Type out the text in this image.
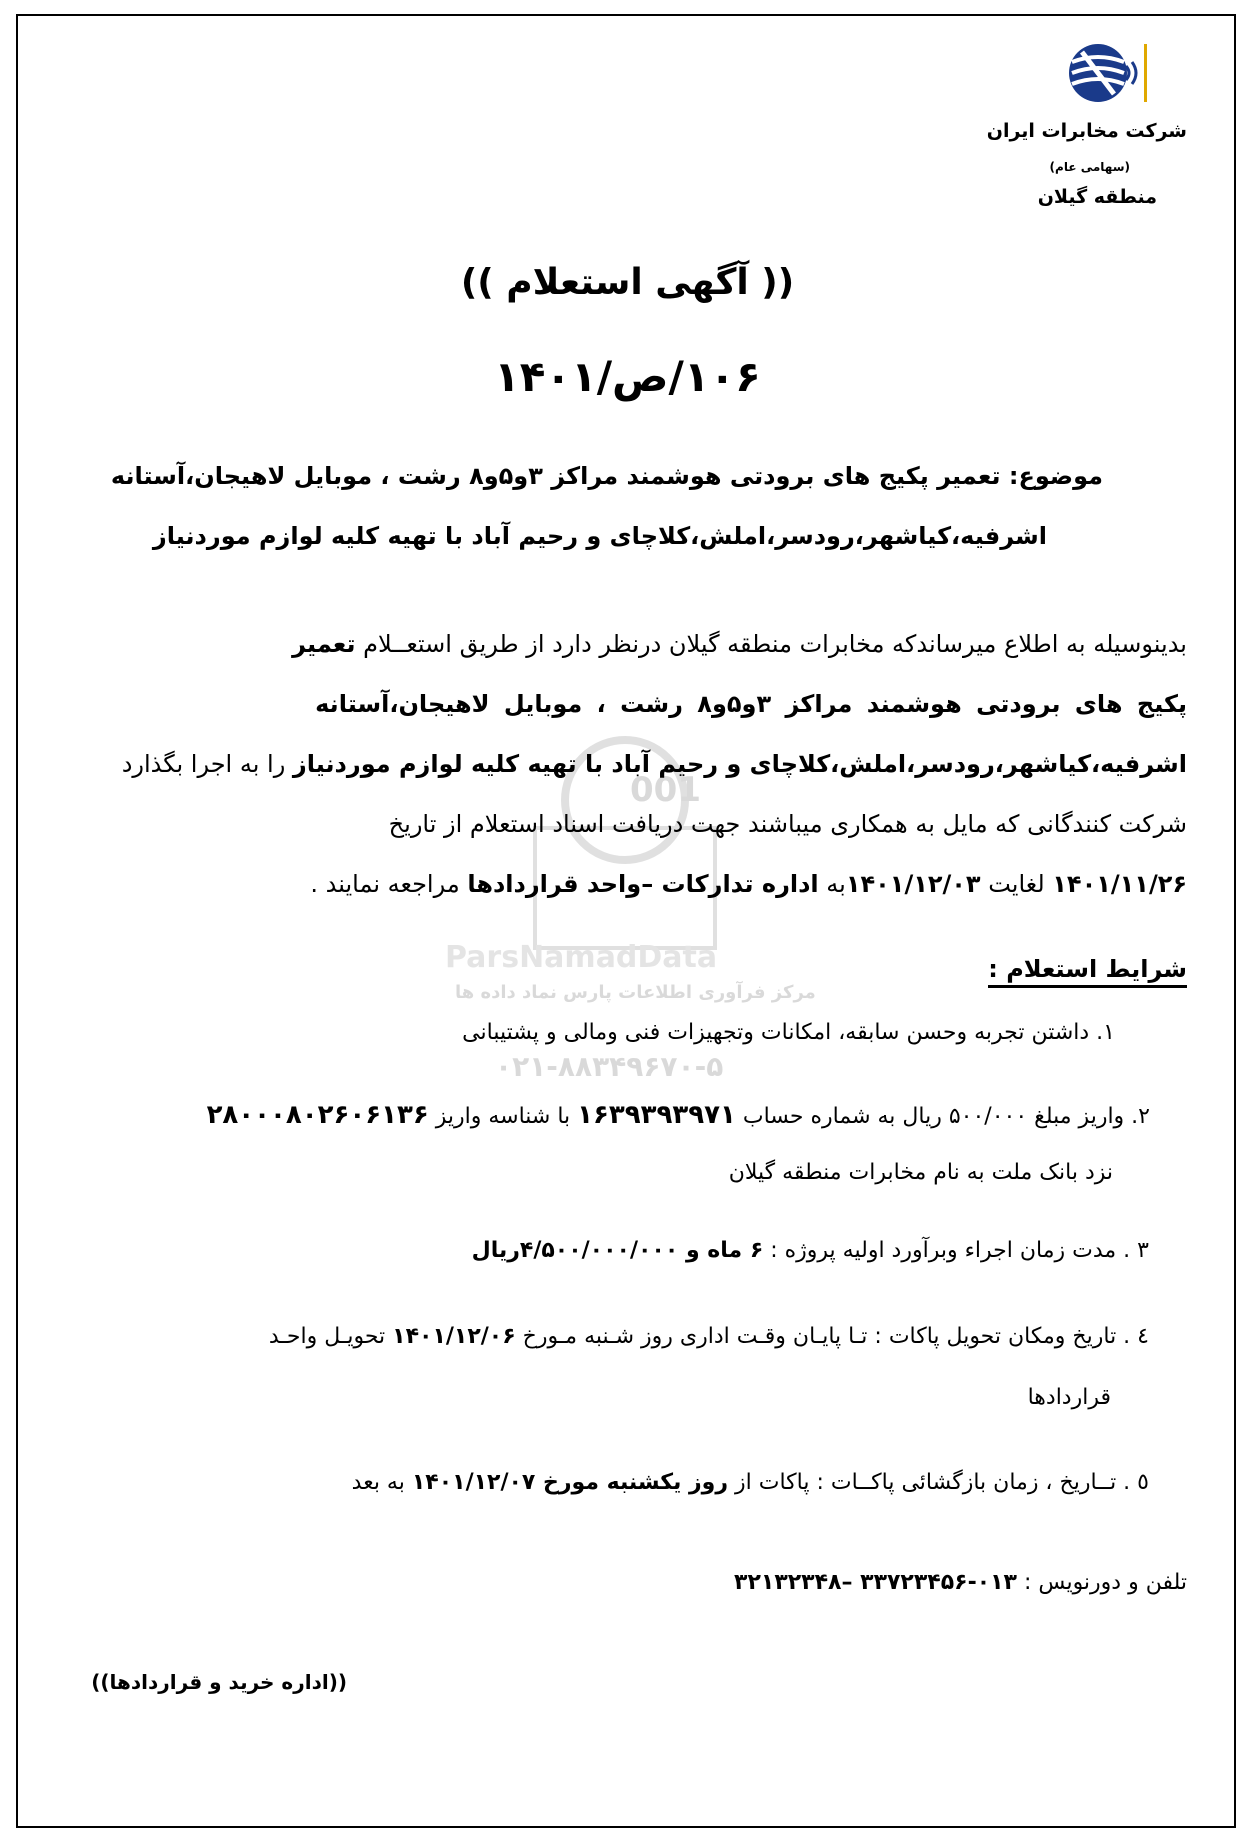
شرکت مخابرات ایران
(سهامی عام)
منطقه گیلان
(( آگهی استعلام ))
۱۰۶/ص/۱۴۰۱
موضوع: تعمیر پکیج های برودتی هوشمند مراکز ۳و۵و۸ رشت ، موبایل لاهیجان،آستانه
اشرفیه،کیاشهر،رودسر،املش،کلاچای و رحیم آباد با تهیه کلیه لوازم موردنیاز
001
ParsNamadData
مرکز فرآوری اطلاعات پارس نماد داده ها
۰۲۱-۸۸۳۴۹۶۷۰-۵
بدینوسیله به اطلاع میرساندکه مخابرات منطقه گیلان درنظر دارد از طریق استعــلام تعمیر
پکیج های برودتی هوشمند مراکز ۳و۵و۸ رشت ، موبایل لاهیجان،آستانه
اشرفیه،کیاشهر،رودسر،املش،کلاچای و رحیم آباد با تهیه کلیه لوازم موردنیاز را به اجرا بگذارد
شرکت کنندگانی که مایل به همکاری میباشند جهت دریافت اسناد استعلام از تاریخ
۱۴۰۱/۱۱/۲۶ لغایت ۱۴۰۱/۱۲/۰۳به اداره تدارکات –واحد قراردادها مراجعه نمایند .
شرایط استعلام :
۱. داشتن تجربه وحسن سابقه، امکانات وتجهیزات فنی ومالی و پشتیبانی
۲. واریز مبلغ ۵۰۰/۰۰۰ ریال به شماره حساب ۱۶۳۹۳۹۳۹۷۱ با شناسه واریز ۲۸۰۰۰۸۰۲۶۰۶۱۳۶
نزد بانک ملت به نام مخابرات منطقه گیلان
۳ . مدت زمان اجراء وبرآورد اولیه پروژه : ۶ ماه و ۴/۵۰۰/۰۰۰/۰۰۰ریال
٤ . تاریخ ومکان تحویل پاکات : تـا پایـان وقـت اداری روز شـنبه مـورخ ۱۴۰۱/۱۲/۰۶ تحویـل واحـد
قراردادها
٥ . تــاریخ ، زمان بازگشائی پاکــات : پاکات از روز یکشنبه مورخ ۱۴۰۱/۱۲/۰۷ به بعد
تلفن و دورنویس : ۰۱۳-۳۳۷۲۳۴۵۶ –۳۲۱۳۲۳۴۸
((اداره خرید و قراردادها))
